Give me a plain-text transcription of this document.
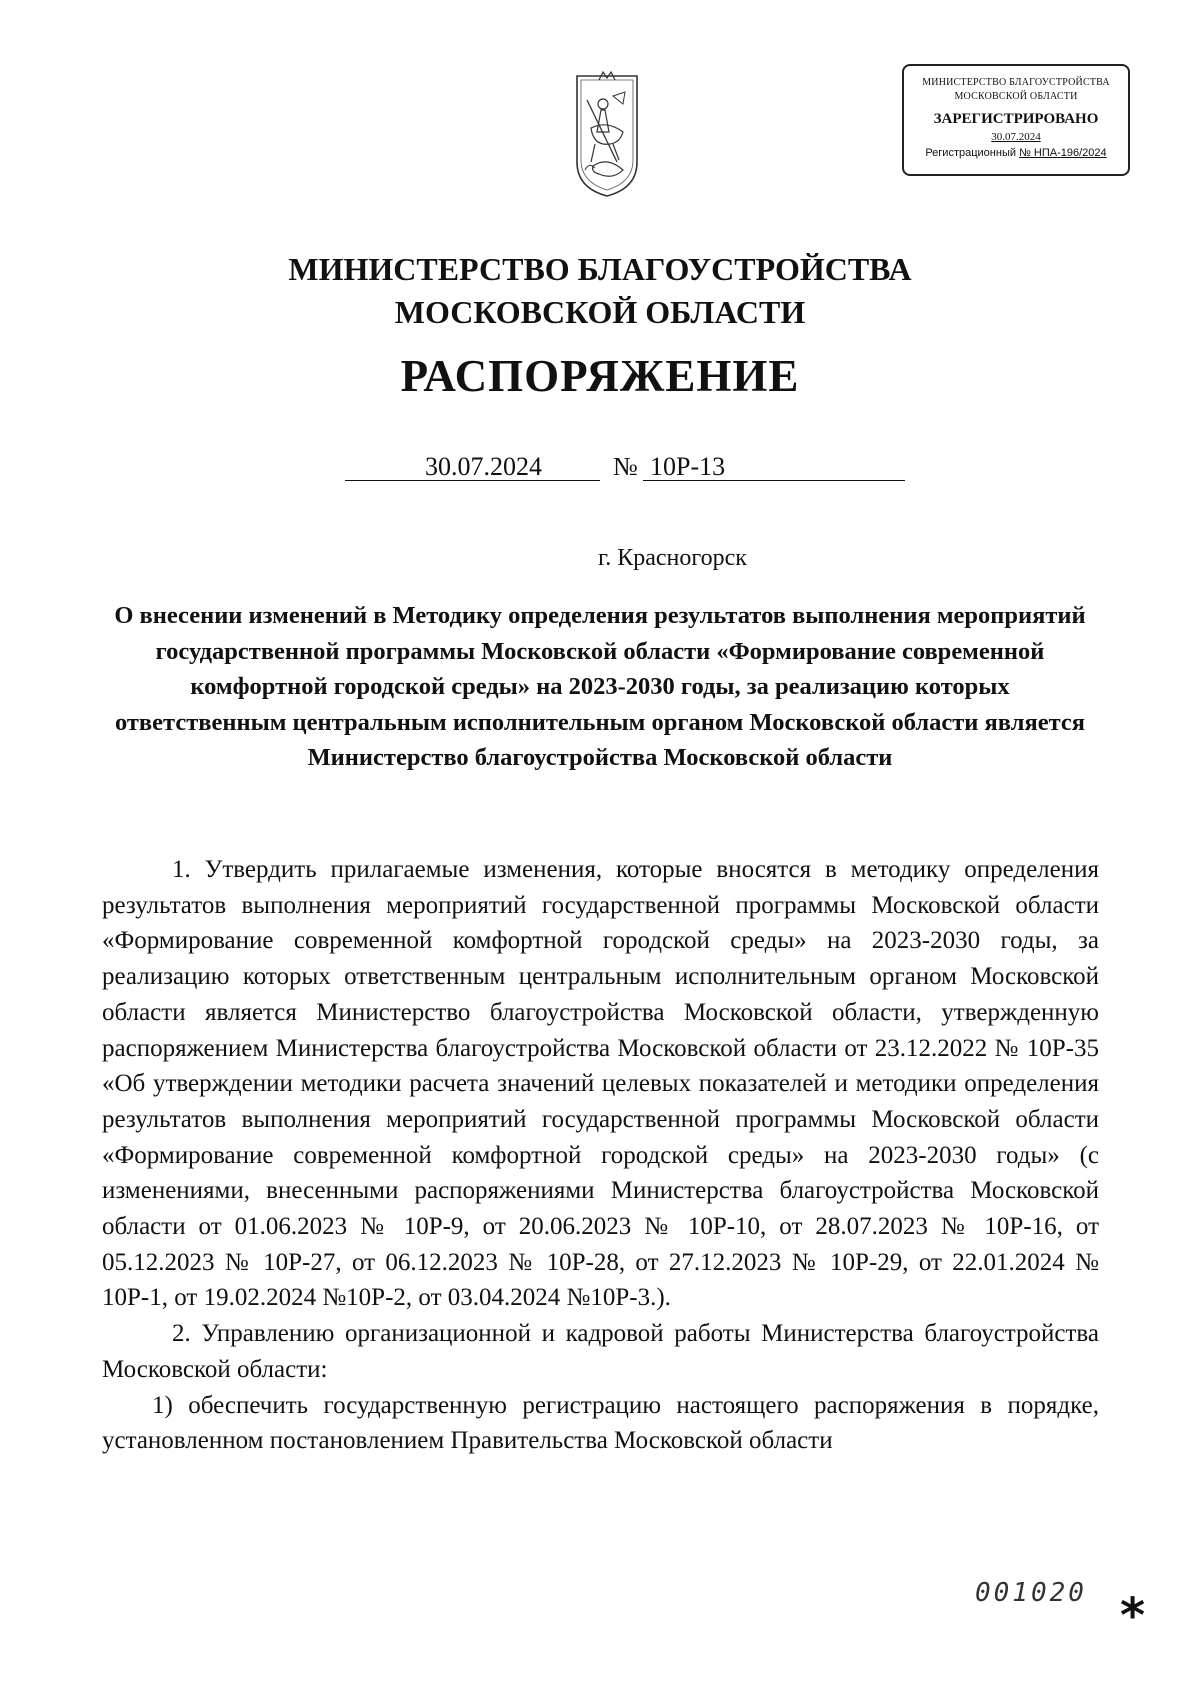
МИНИСТЕРСТВО БЛАГОУСТРОЙСТВА
МОСКОВСКОЙ ОБЛАСТИ
ЗАРЕГИСТРИРОВАНО
30.07.2024
Регистрационный № НПА-196/2024
МИНИСТЕРСТВО БЛАГОУСТРОЙСТВА
МОСКОВСКОЙ ОБЛАСТИ
РАСПОРЯЖЕНИЕ
30.07.2024	№ 10Р-13
г. Красногорск
О внесении изменений в Методику определения результатов выполнения мероприятий государственной программы Московской области «Формирование современной комфортной городской среды» на 2023-2030 годы, за реализацию которых ответственным центральным исполнительным органом Московской области является Министерство благоустройства Московской области

1. Утвердить прилагаемые изменения, которые вносятся в методику определения результатов выполнения мероприятий государственной программы Московской области «Формирование современной комфортной городской среды» на 2023-2030 годы, за реализацию которых ответственным центральным исполнительным органом Московской области является Министерство благоустройства Московской области, утвержденную распоряжением Министерства благоустройства Московской области от 23.12.2022 № 10Р-35 «Об утверждении методики расчета значений целевых показателей и методики определения результатов выполнения мероприятий государственной программы Московской области «Формирование современной комфортной городской среды» на 2023-2030 годы» (с изменениями, внесенными распоряжениями Министерства благоустройства Московской области от 01.06.2023 № 10Р-9, от 20.06.2023 № 10Р-10, от 28.07.2023 № 10Р-16, от 05.12.2023 № 10Р-27, от 06.12.2023 № 10Р-28, от 27.12.2023 № 10Р-29, от 22.01.2024 № 10Р-1, от 19.02.2024 №10Р-2, от 03.04.2024 №10Р-3.).

2. Управлению организационной и кадровой работы Министерства благоустройства Московской области:

1) обеспечить государственную регистрацию настоящего распоряжения в порядке, установленном постановлением Правительства Московской области

001020 *
